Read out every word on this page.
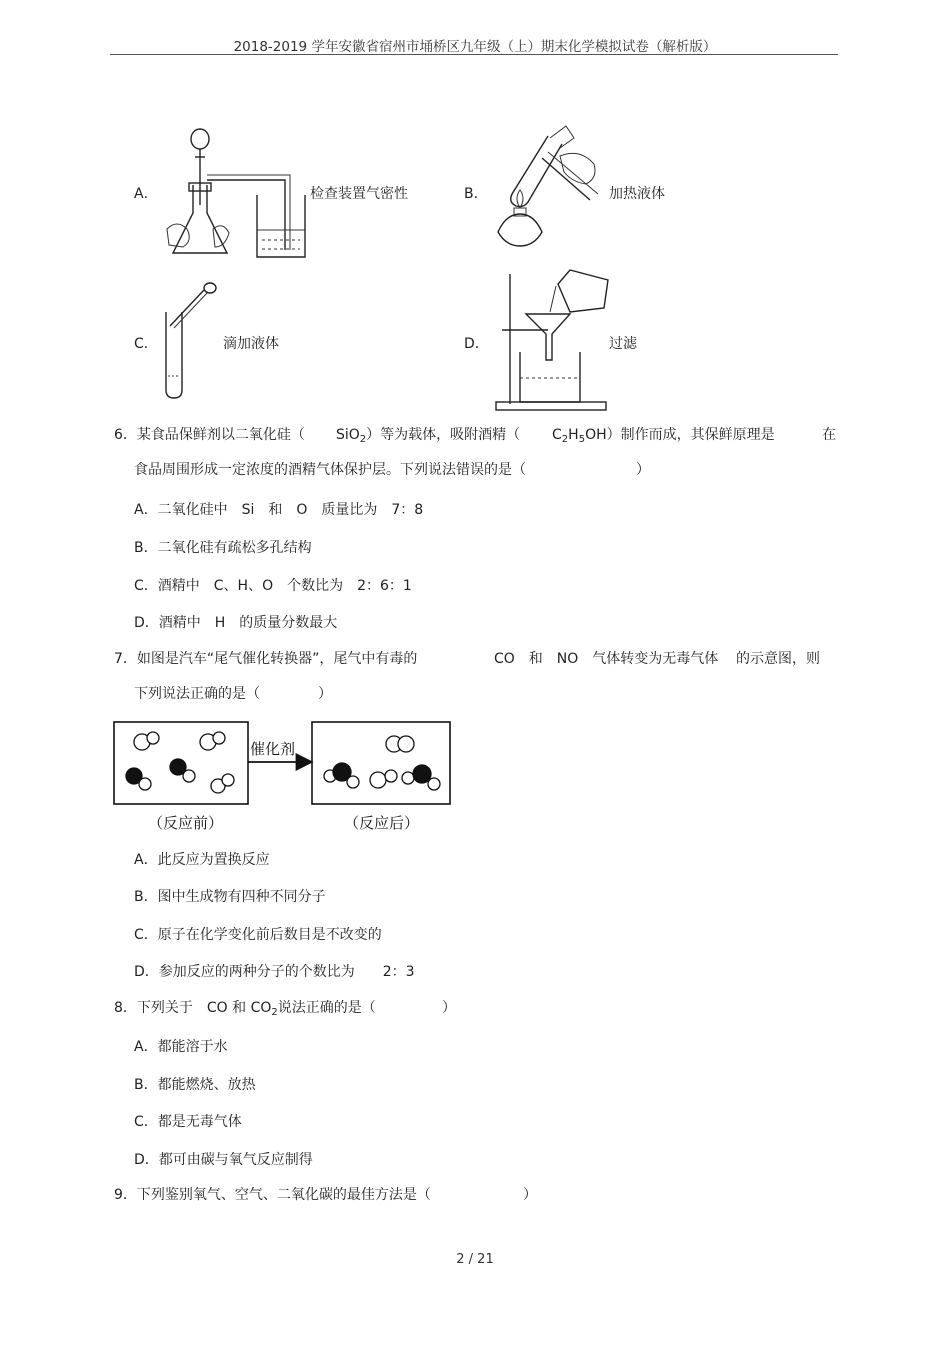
2018-2019 学年安徽省宿州市埇桥区九年级（上）期末化学模拟试卷（解析版）
A．	检查装置气密性	B．	加热液体
C．	滴加液体	D．	过滤
6．某食品保鲜剂以二氧化硅（ SiO$_2$）等为载体，吸附酒精（ $C_2H_5OH$）制作而成，其保鲜原理是	在
食品周围形成一定浓度的酒精气体保护层。下列说法错误的是（	）
A．二氧化硅中　Si　和　O　质量比为　7：8
B．二氧化硅有疏松多孔结构
C．酒精中　C、H、O　个数比为　2：6：1
D．酒精中　H　的质量分数最大
7．如图是汽车“尾气催化转换器”，尾气中有毒的	CO　和　NO　气体转变为无毒气体 的示意图，则
下列说法正确的是（	）
催化剂
（反应前）	（反应后）
A．此反应为置换反应
B．图中生成物有四种不同分子
C．原子在化学变化前后数目是不改变的
D．参加反应的两种分子的个数比为　　2：3
8．下列关于　CO 和 $CO_2$说法正确的是（	）
A．都能溶于水
B．都能燃烧、放热
C．都是无毒气体
D．都可由碳与氧气反应制得
9．下列鉴别氧气、空气、二氧化碳的最佳方法是（	）
2 / 21
